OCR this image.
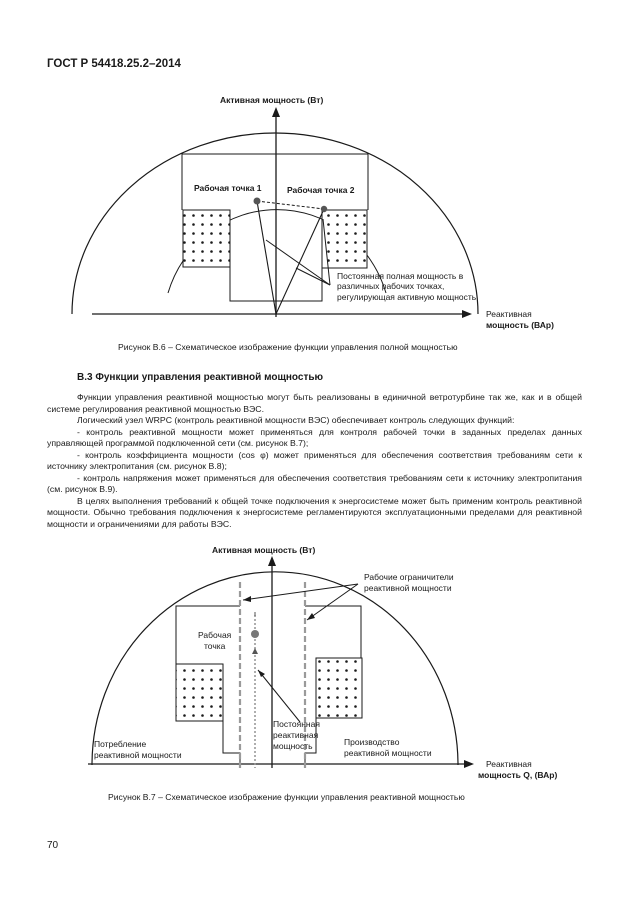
ГОСТ Р 54418.25.2–2014
Активная мощность (Вт)
Рабочая точка 1	Рабочая точка 2
Постоянная полная мощность в
различных рабочих точках,
регулирующая активную мощность
Реактивная
мощность (ВАр)
Рисунок В.6 – Схематическое изображение функции управления полной мощностью
В.3 Функции управления реактивной мощностью

Функции управления реактивной мощностью могут быть реализованы в единичной ветротурбине так же, как и в общей системе регулирования реактивной мощностью ВЭС.

Логический узел WRPC (контроль реактивной мощности ВЭС) обеспечивает контроль следующих функций:

- контроль реактивной мощности может применяться для контроля рабочей точки в заданных пределах данных управляющей программой подключенной сети (см. рисунок В.7);

- контроль коэффициента мощности (cos φ) может применяться для обеспечения соответствия требованиям сети к источнику электропитания (см. рисунок В.8);

- контроль напряжения может применяться для обеспечения соответствия требованиям сети к источнику электропитания (см. рисунок В.9).

В целях выполнения требований к общей точке подключения к энергосистеме может быть применим контроль реактивной мощности. Обычно требования подключения к энергосистеме регламентируются эксплуатационными пределами для реактивной мощности и ограничениями для работы ВЭС.

Активная мощность (Вт)
Рабочие ограничители
реактивной мощности
Рабочая
точка
Постоянная
реактивная
мощность
Потребление
реактивной мощности
Производство
реактивной мощности
Реактивная
мощность Q, (ВАр)
Рисунок В.7 – Схематическое изображение функции управления реактивной мощностью
70
